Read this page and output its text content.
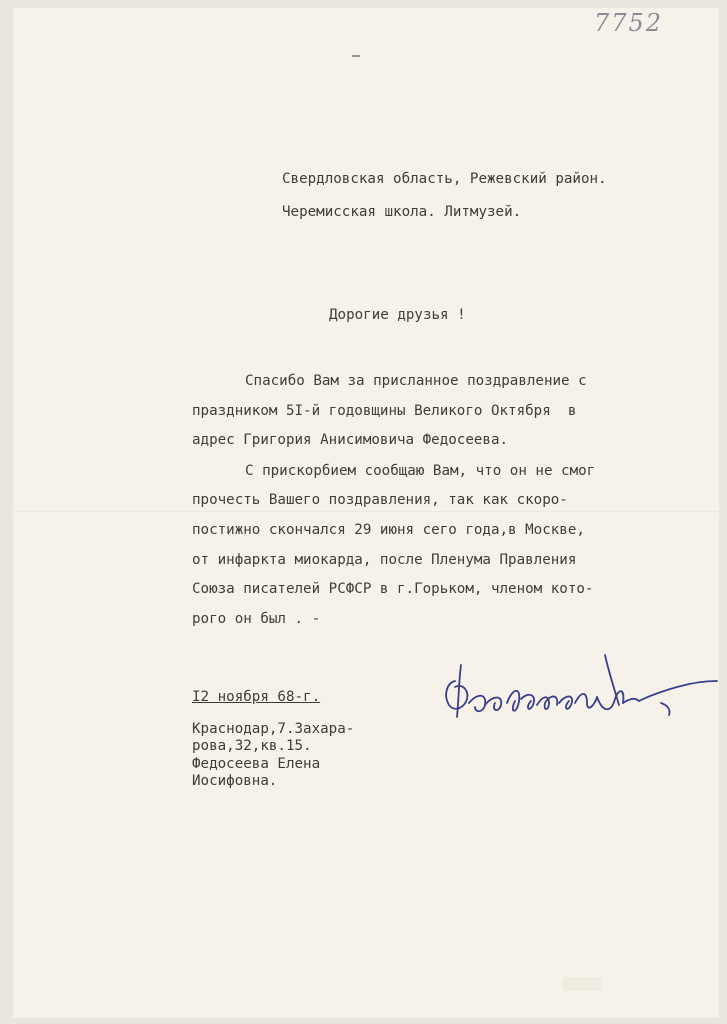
7752
Свердловская область, Режевский район.
Черемисская школа. Литмузей.
Дорогие друзья !
Спасибо Вам за присланное поздравление с
праздником 5I-й годовщины Великого Октября  в
адрес Григория Анисимовича Федосеева.
С прискорбием сообщаю Вам, что он не смог
прочесть Вашего поздравления, так как скоро-
постижно скончался 29 июня сего года,в Москве,
от инфаркта миокарда, после Пленума Правления
Союза писателей РСФСР в г.Горьком, членом кото-
рого он был . -
I2 ноября 68-г.
Краснодар,7.Захара-
рова,32,кв.15.
Федосеева Елена
Иосифовна.
